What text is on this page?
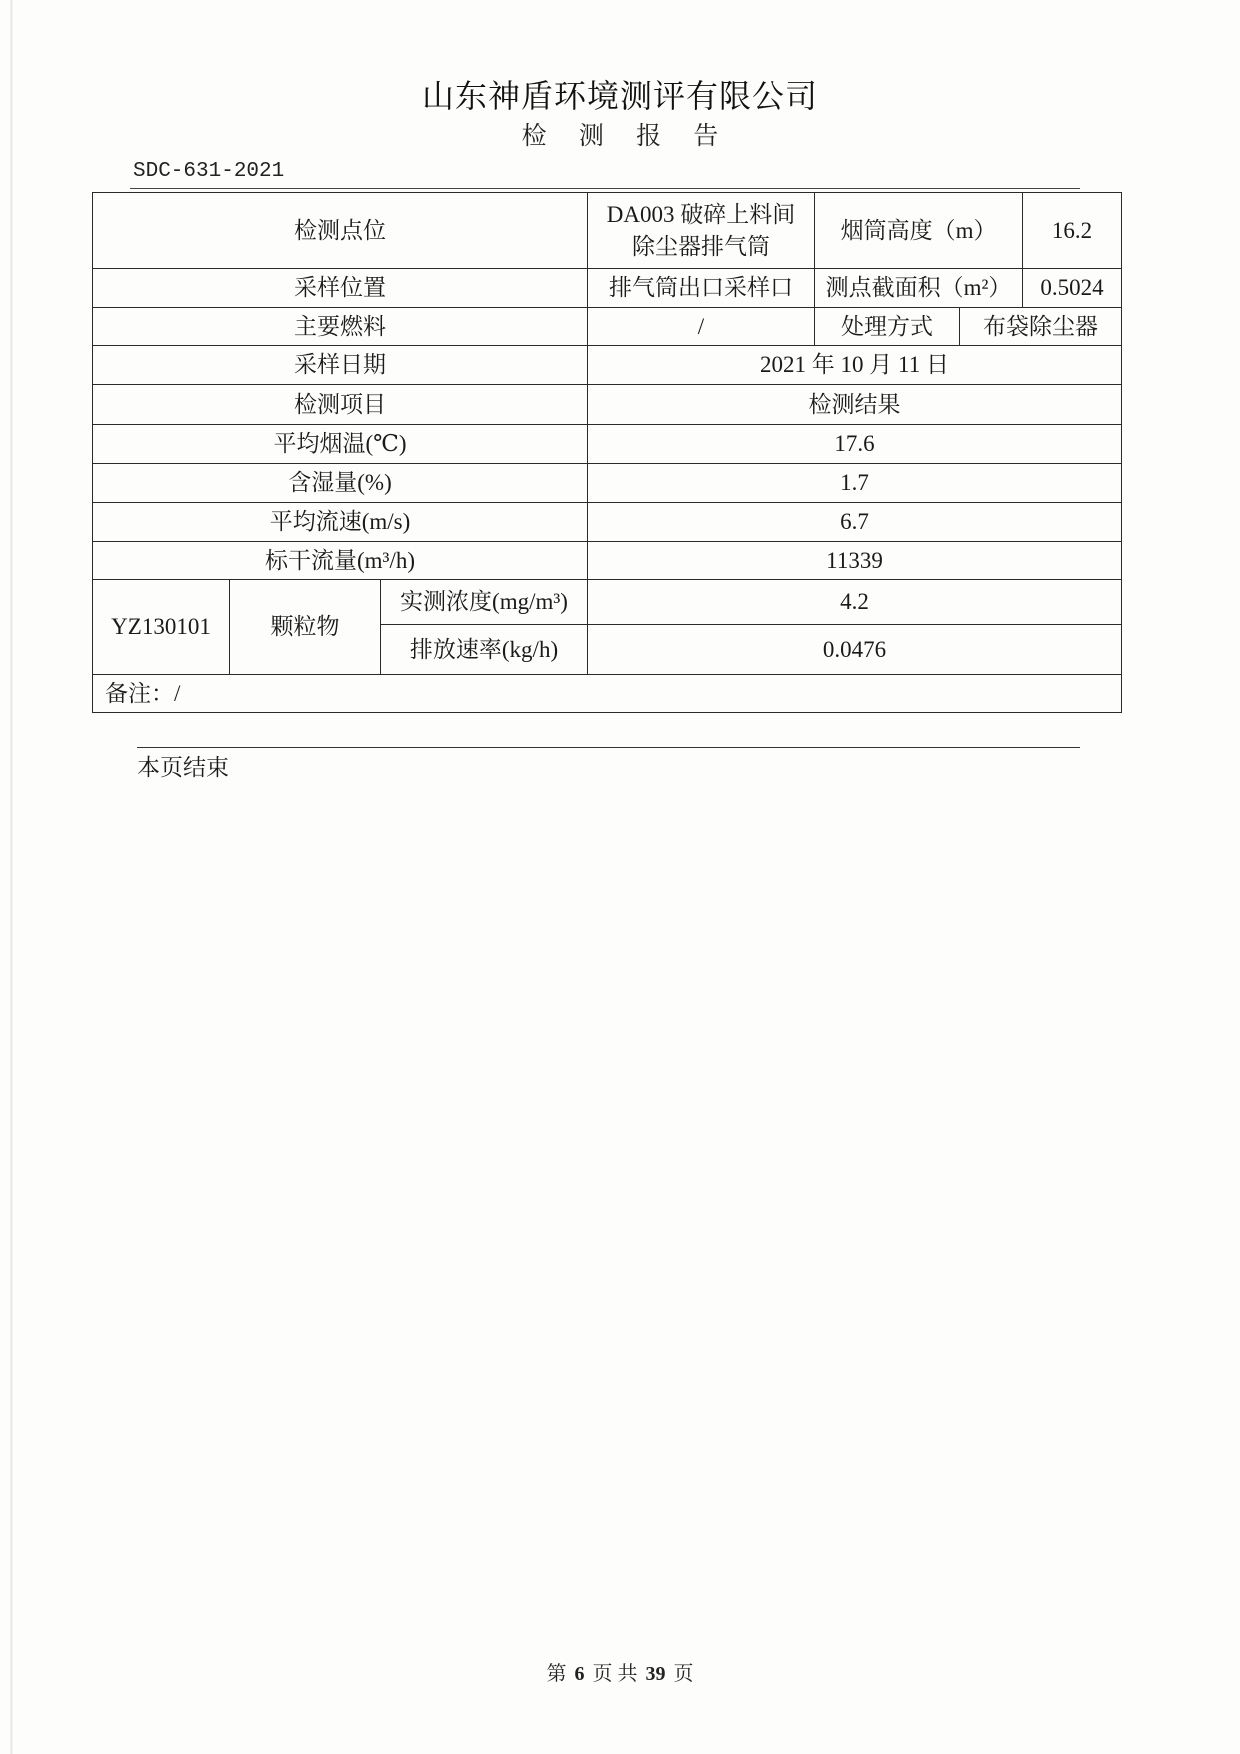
山东神盾环境测评有限公司
检 测 报 告
SDC-631-2021
检测点位			DA003 破碎上料间
除尘器排气筒	烟筒高度（m）		16.2
采样位置			排气筒出口采样口	测点截面积（m²）		0.5024
主要燃料			/	处理方式	布袋除尘器	
采样日期			2021 年 10 月 11 日			
检测项目			检测结果			
平均烟温(℃)			17.6			
含湿量(%)			1.7			
平均流速(m/s)			6.7			
标干流量(m³/h)			11339			
YZ130101	颗粒物	实测浓度(mg/m³)	4.2			
		排放速率(kg/h)	0.0476			
备注：/						
本页结束
第 6 页 共 39 页
